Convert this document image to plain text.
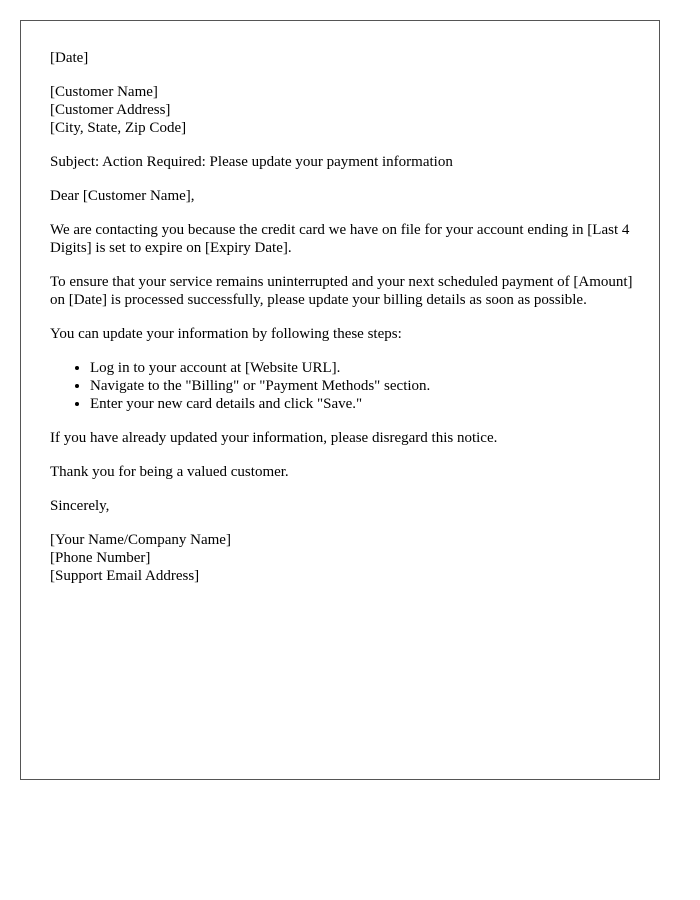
[Date]

[Customer Name]
[Customer Address]
[City, State, Zip Code]

Subject: Action Required: Please update your payment information

Dear [Customer Name],

We are contacting you because the credit card we have on file for your account ending in [Last 4 Digits] is set to expire on [Expiry Date].

To ensure that your service remains uninterrupted and your next scheduled payment of [Amount] on [Date] is processed successfully, please update your billing details as soon as possible.

You can update your information by following these steps:

• Log in to your account at [Website URL].
• Navigate to the "Billing" or "Payment Methods" section.
• Enter your new card details and click "Save."

If you have already updated your information, please disregard this notice.

Thank you for being a valued customer.

Sincerely,

[Your Name/Company Name]
[Phone Number]
[Support Email Address]
